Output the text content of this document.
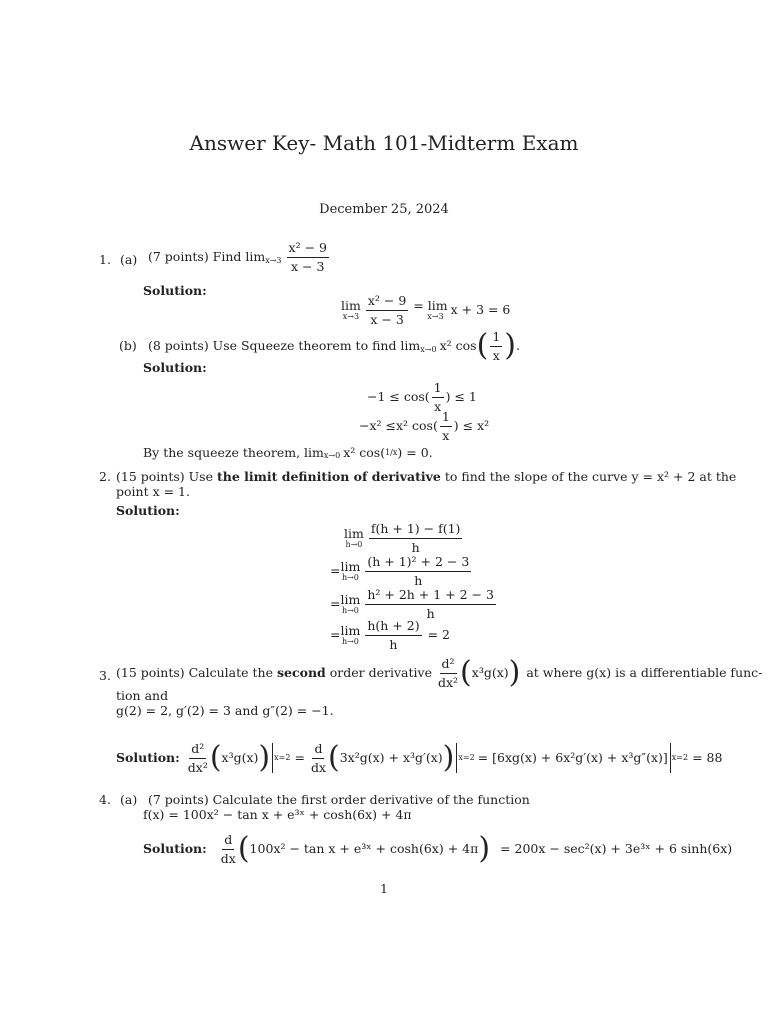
Answer Key- Math 101-Midterm Exam
December 25, 2024
1. (a) (7 points) Find $\lim x\to 3 \frac{\text{x² − 9}}{x - 3}$
Solution:
lim
$x\to 3 \frac{\text{x² − 9}}{x - 3} = \lim$
x→3 x + 3 = 6
(b) (8 points) Use Squeeze theorem to find lim x→0 x² cos ( $\frac{1}{x}$ ) .
Solution:
$-1 \le \cos( \frac{1}{x}$ ) ≤ 1
−x² ≤x² $\cos( \frac{1}{x}$ ) ≤ x²
By the squeeze theorem, lim x→0 x² cos( 1/x ) = 0.
2. (15 points) Use the limit definition of derivative to find the slope of the curve y = x² + 2 at the
point x = 1.
Solution:
lim
$h\to 0 \frac{f(h + 1) - f(1)}{h}$
= lim
$h\to 0 \frac{\text{(h + 1)² + 2 − 3}}{h}$
= lim
$h\to 0 \frac{\text{h² + 2h + 1 + 2 − 3}}{h}$
= lim
$h\to 0 \frac{h(h + 2)}{h} = 2$
3. (15 points) Calculate the
second
order derivative $\frac{\text{d²}}{\text{dx²}}$ ( x³g(x) ) at where g(x) is a differentiable func-
tion and
g(2) = 2, g′(2) = 3 and g″(2) = −1.
Solution: $\frac{\text{d²}}{\text{dx²}}$ ( x³g(x) ) $x=2 = \frac{d}{dx}$ ( 3x²g(x) + x³g′(x) ) x=2 = [6xg(x) + 6x²g′(x) + x³g″(x)] x=2 = 88
4. (a) (7 points) Calculate the first order derivative of the function
f(x) = 100x² − tan x + e³ˣ + cosh(6x) + 4π
Solution: $\frac{d}{dx}$ ( 100x² − tan x + e³ˣ + cosh(6x) + 4π ) = 200x − sec²(x) + 3e³ˣ + 6 sinh(6x)
1
